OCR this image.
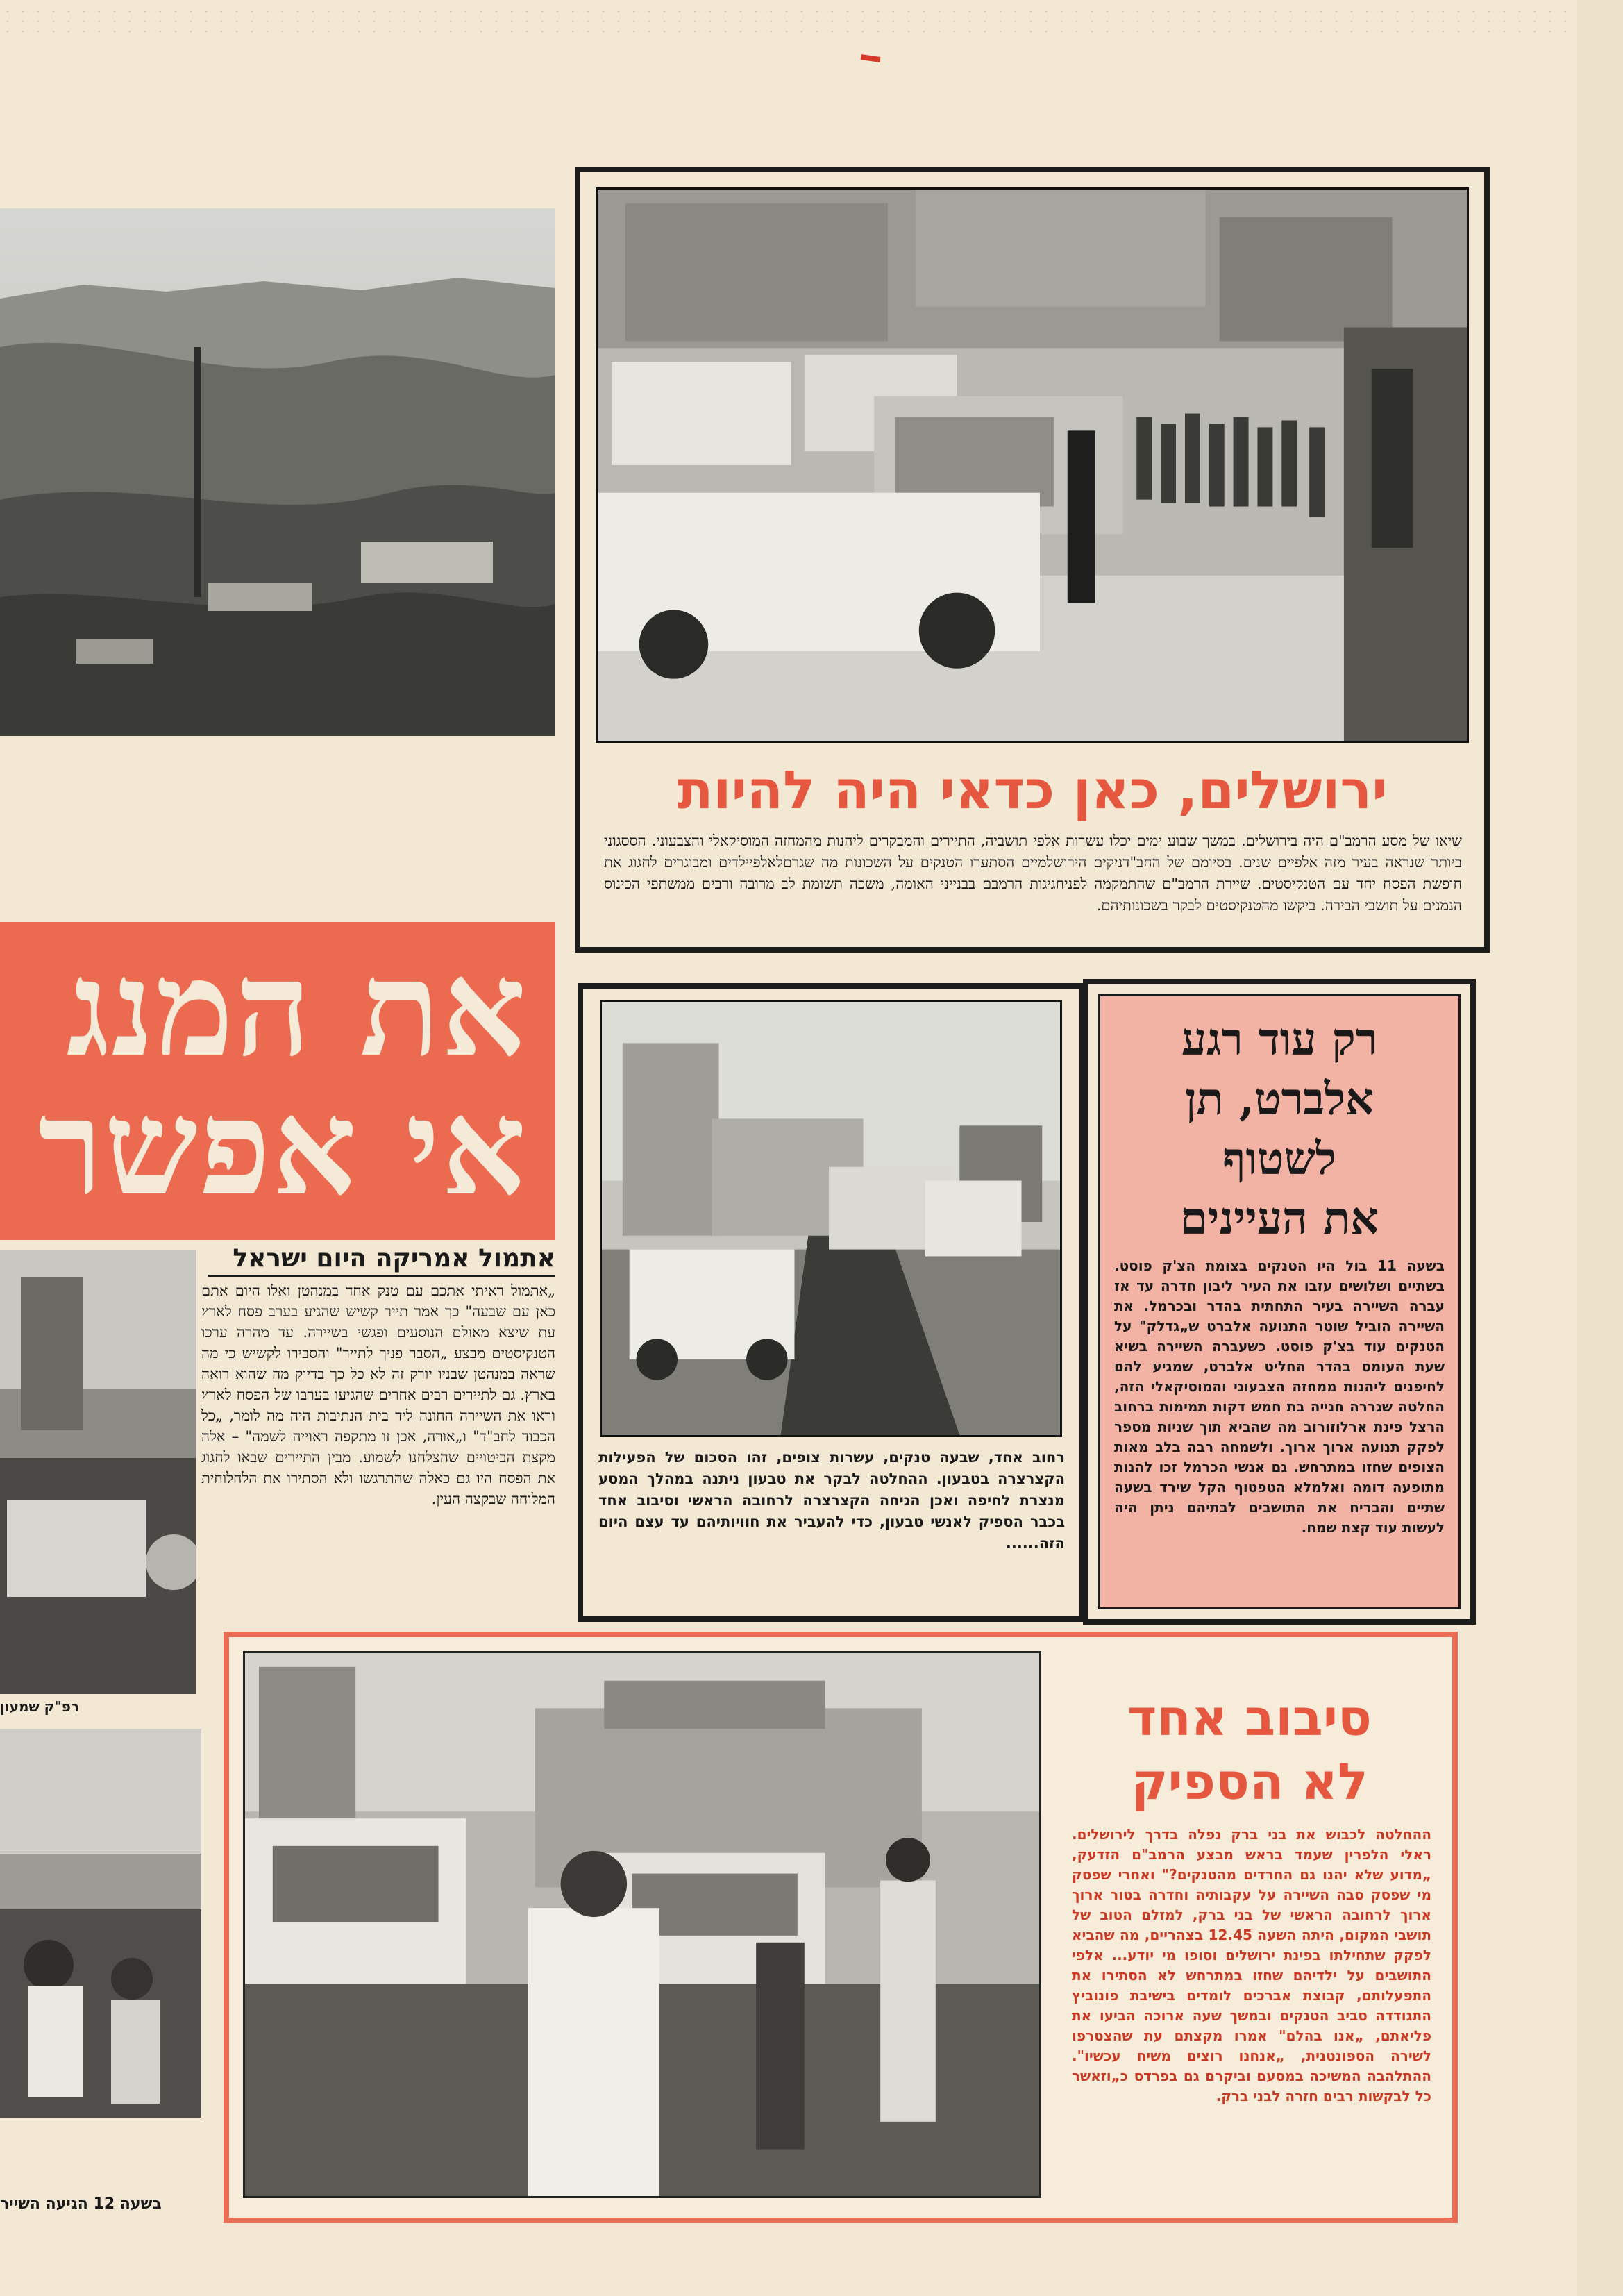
ירושלים, כאן כדאי היה להיות
שיאו של מסע הרמב"ם היה בירושלים. במשך שבוע ימים יכלו עשרות אלפי תושביה, התיירים והמבקרים ליהנות מהמחזה המוסיקאלי והצבעוני. הססגוני ביותר שנראה בעיר מזה אלפיים שנים. בסיומם של החב"דניקים הירושלמיים הסתערו הטנקים על השכונות מה שגרםלאלפיילדים ומבוגרים לחגוג את חופשת הפסח יחד עם הטנקיסטים. שיירת הרמב"ם שהתמקמה לפניחגיגות הרמבם בבנייני האומה, משכה תשומת לב מרובה ורבים ממשתפי הכינוס הנמנים על תושבי הבירה. ביקשו מהטנקיסטים לבקר בשכונותיהם.
את המנג
אי אפשר
אתמול אמריקה היום ישראל
„אתמול ראיתי אתכם עם טנק אחד במנהטן ואלו היום אתם כאן עם שבעה" כך אמר תייר קשיש שהגיע בערב פסח לארץ עת שיצא מאולם הנוסעים ופגשי בשיירה. עד מהרה ערכו הטנקיסטים מבצע „הסבר פניך לתייר" והסבירו לקשיש כי מה שראה במנהטן שבניו יורק זה לא כל כך בדיוק מה שהוא רואה בארץ. גם לתיירים רבים אחרים שהגיעו בערבו של הפסח לארץ וראו את השיירה החונה ליד בית הנתיבות היה מה לומר, „כל הכבוד לחב"ד" ו„אורה, אכן זו מתקפה ראוייה לשמה" – אלה מקצת הביטויים שהצלחנו לשמוע. מבין התיירים שבאו לחגוג את הפסח היו גם כאלה שהתרגשו ולא הסתירו את הלחלוחית המלוחה שבקצה העין.
רפ"ק שמעון
רחוב אחד, שבעה טנקים, עשרות צופים, זהו הסכום של הפעילות הקצרצרה בטבעון. ההחלטה לבקר את טבעון ניתנה במהלך המסע מנצרת לחיפה ואכן הגיחה הקצרצרה לרחובה הראשי וסיבוב אחד בכבר הספיק לאנשי טבעון, כדי להעביר את חוויותיהם עד עצם היום הזה......
רק עוד רגע
אלברט, תן
לשטוף
את העיינים
בשעה 11 בול היו הטנקים בצומת הצ'ק פוסט. בשתיים ושלושים עזבו את העיר ליבון חדרה עד אז עברה השיירה בעיר התחתית בהדר ובכרמל. את השיירה הוביל שוטר התנועה אלברט ש„גדלק" על הטנקים עוד בצ'ק פוסט. כשעברה השיירה בשיא שעת העומס בהדר החליט אלברט, שמגיע להם לחיפנים ליהנות ממחזה הצבעוני והמוסיקאלי הזה, החלטה שגררה חנייה בת חמש דקות תמימות ברחוב הרצל פינת ארלוזורוב מה שהביא תוך שניות מספר לפקק תנועה ארוך ארוך. ולשמחה רבה בלב מאות הצופים שחזו במתרחש. גם אנשי הכרמל זכו להנות מתופעה דומה ואלמלא הטפטוף הקל שירד בשעה שתיים והבריח את התושבים לבתיהם ניתן היה לעשות עוד קצת שמח.
סיבוב אחד
לא הספיק
ההחלטה לכבוש את בני ברק נפלה בדרך לירושלים. ראלי הלפרין שעמד בראש מבצע הרמב"ם הזדעק, „מדוע שלא יהנו גם החרדים מהטנקים?" ואחרי שפסק מי שפסק סבה השיירה על עקבותיה וחדרה בטור ארוך ארוך לרחובה הראשי של בני ברק, למזלם הטוב של תושבי המקום, היתה השעה 12.45 בצהריים, מה שהביא לפקק שתחילתו בפינת ירושלים וסופו מי יודע... אלפי התושבים על ילדיהם שחזו במתרחש לא הסתירו את התפעלותם, קבוצת אברכים לומדים בישיבת פונוביץ התגודדה סביב הטנקים ובמשך שעה ארוכה הביעו את פליאתם, „אנו בהלם" אמרו מקצתם עת שהצטרפו לשירה הספונטנית, „אנחנו רוצים משיח עכשיו". ההתלהבה המשיכה במסעם וביקרם גם בפרדס כ„וזאשר כל לבקשות רבים חזרה לבני ברק.
בשעה 12 הגיעה השייר
